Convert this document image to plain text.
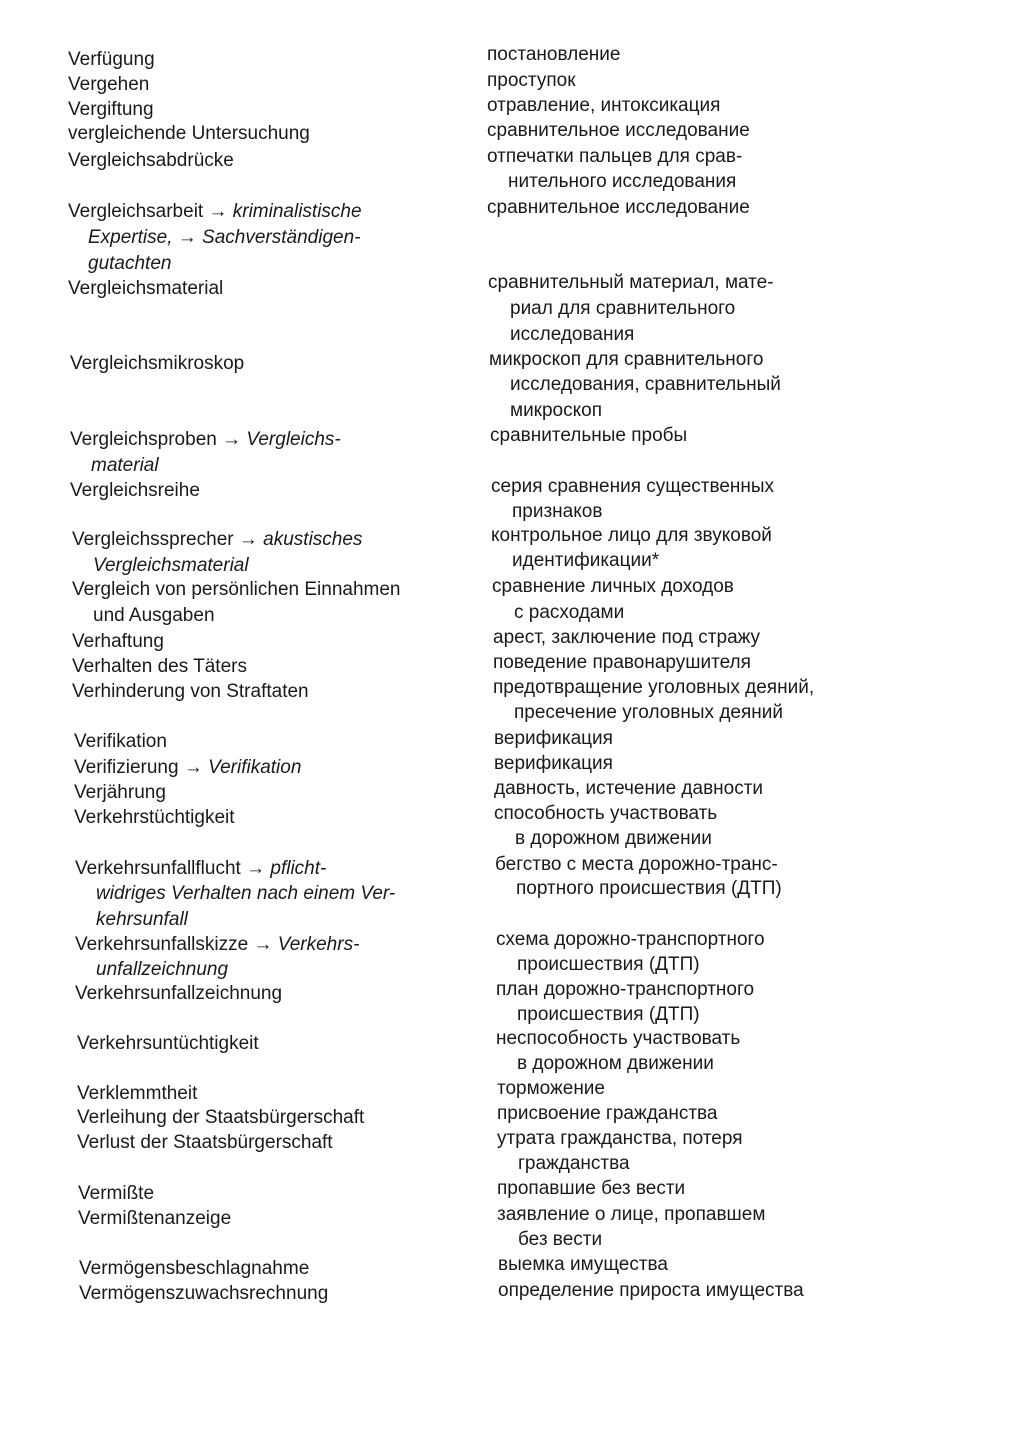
Verfügung
Vergehen
Vergiftung
vergleichende Untersuchung
Vergleichsabdrücke
Vergleichsarbeit → kriminalistische
Expertise, → Sachverständigen-
gutachten
Vergleichsmaterial
Vergleichsmikroskop
Vergleichsproben → Vergleichs-
material
Vergleichsreihe
Vergleichssprecher → akustisches
Vergleichsmaterial
Vergleich von persönlichen Einnahmen
und Ausgaben
Verhaftung
Verhalten des Täters
Verhinderung von Straftaten
Verifikation
Verifizierung → Verifikation
Verjährung
Verkehrstüchtigkeit
Verkehrsunfallflucht → pflicht-
widriges Verhalten nach einem Ver-
kehrsunfall
Verkehrsunfallskizze → Verkehrs-
unfallzeichnung
Verkehrsunfallzeichnung
Verkehrsuntüchtigkeit
Verklemmtheit
Verleihung der Staatsbürgerschaft
Verlust der Staatsbürgerschaft
Vermißte
Vermißtenanzeige
Vermögensbeschlagnahme
Vermögenszuwachsrechnung
постановление
проступок
отравление, интоксикация
сравнительное исследование
отпечатки пальцев для срав-
нительного исследования
сравнительное исследование
сравнительный материал, мате-
риал для сравнительного
исследования
микроскоп для сравнительного
исследования, сравнительный
микроскоп
сравнительные пробы
серия сравнения существенных
признаков
контрольное лицо для звуковой
идентификации*
сравнение личных доходов
с расходами
арест, заключение под стражу
поведение правонарушителя
предотвращение уголовных деяний,
пресечение уголовных деяний
верификация
верификация
давность, истечение давности
способность участвовать
в дорожном движении
бегство с места дорожно-транс-
портного происшествия (ДТП)
схема дорожно-транспортного
происшествия (ДТП)
план дорожно-транспортного
происшествия (ДТП)
неспособность участвовать
в дорожном движении
торможение
присвоение гражданства
утрата гражданства, потеря
гражданства
пропавшие без вести
заявление о лице, пропавшем
без вести
выемка имущества
определение прироста имущества
